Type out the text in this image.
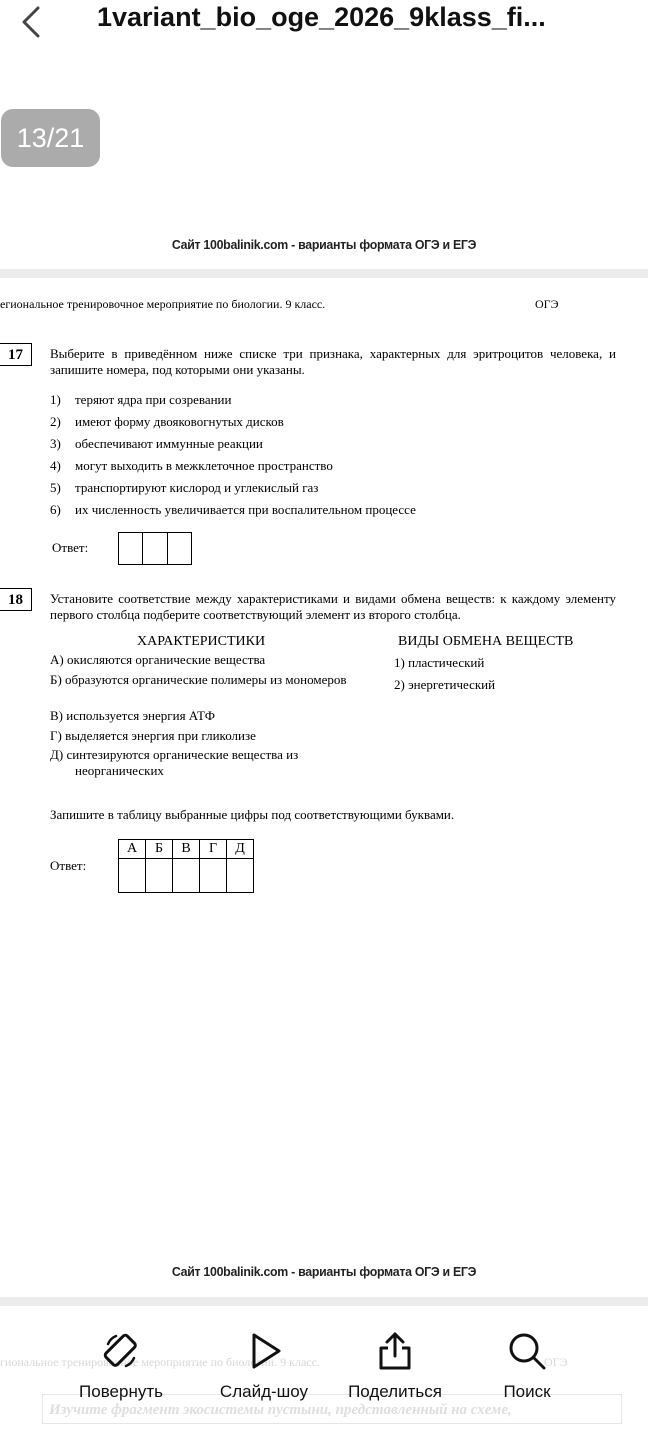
1variant_bio_oge_2026_9klass_fi...
13/21
Сайт 100balinik.com - варианты формата ОГЭ и ЕГЭ
егиональное тренировочное мероприятие по биологии. 9 класс.	ОГЭ
17	Выберите в приведённом ниже списке три признака, характерных для эритроцитов человека, и запишите номера, под которыми они указаны.
1) теряют ядра при созревании
2) имеют форму двояковогнутых дисков
3) обеспечивают иммунные реакции
4) могут выходить в межклеточное пространство
5) транспортируют кислород и углекислый газ
6) их численность увеличивается при воспалительном процессе
Ответ:
18	Установите соответствие между характеристиками и видами обмена веществ: к каждому элементу первого столбца подберите соответствующий элемент из второго столбца.
ХАРАКТЕРИСТИКИ	ВИДЫ ОБМЕНА ВЕЩЕСТВ
А) окисляются органические вещества
Б) образуются органические полимеры из мономеров
В) используется энергия АТФ
Г) выделяется энергия при гликолизе
Д) синтезируются органические вещества из неорганических
1) пластический
2) энергетический
Запишите в таблицу выбранные цифры под соответствующими буквами.
Ответ:
А	Б	В	Г	Д

Сайт 100balinik.com - варианты формата ОГЭ и ЕГЭ
гиональное тренировочное мероприятие по биологии. 9 класс.	ОГЭ
Изучите фрагмент экосистемы пустыни, представленный на схеме,
Повернуть	Слайд-шоу	Поделиться	Поиск
